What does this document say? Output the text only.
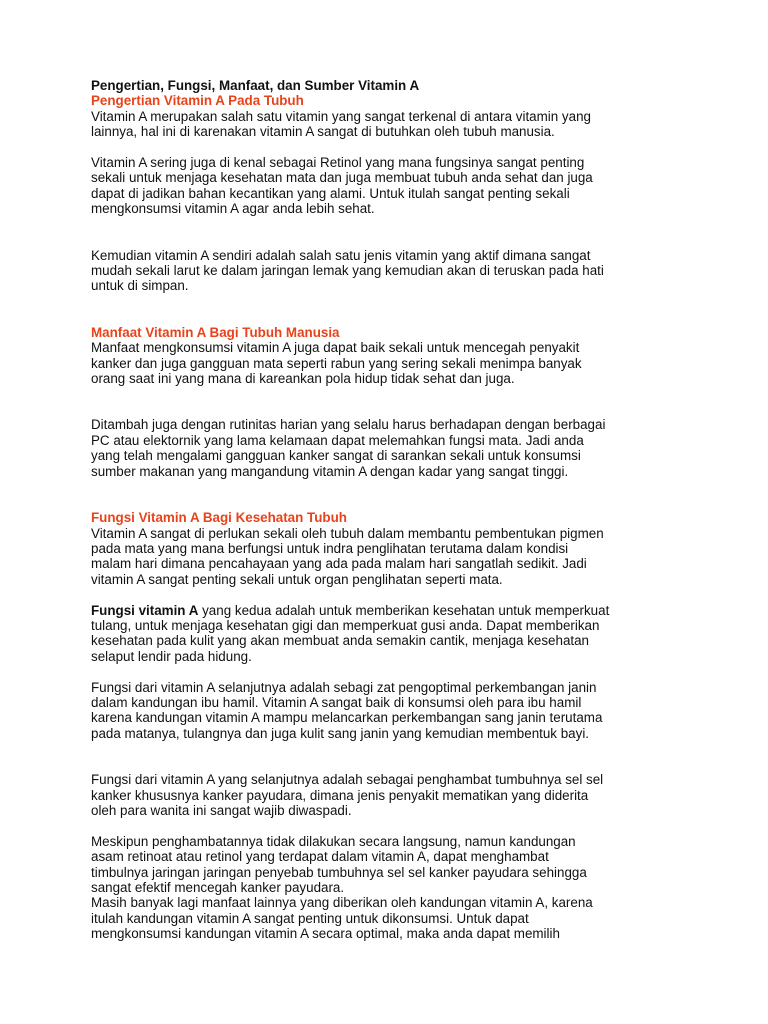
Pengertian, Fungsi, Manfaat, dan Sumber Vitamin A
Pengertian Vitamin A Pada Tubuh
Vitamin A merupakan salah satu vitamin yang sangat terkenal di antara vitamin yang
lainnya, hal ini di karenakan vitamin A sangat di butuhkan oleh tubuh manusia.
Vitamin A sering juga di kenal sebagai Retinol yang mana fungsinya sangat penting
sekali untuk menjaga kesehatan mata dan juga membuat tubuh anda sehat dan juga
dapat di jadikan bahan kecantikan yang alami. Untuk itulah sangat penting sekali
mengkonsumsi vitamin A agar anda lebih sehat.
Kemudian vitamin A sendiri adalah salah satu jenis vitamin yang aktif dimana sangat
mudah sekali larut ke dalam jaringan lemak yang kemudian akan di teruskan pada hati
untuk di simpan.
Manfaat Vitamin A Bagi Tubuh Manusia
Manfaat mengkonsumsi vitamin A juga dapat baik sekali untuk mencegah penyakit
kanker dan juga gangguan mata seperti rabun yang sering sekali menimpa banyak
orang saat ini yang mana di kareankan pola hidup tidak sehat dan juga.
Ditambah juga dengan rutinitas harian yang selalu harus berhadapan dengan berbagai
PC atau elektornik yang lama kelamaan dapat melemahkan fungsi mata. Jadi anda
yang telah mengalami gangguan kanker sangat di sarankan sekali untuk konsumsi
sumber makanan yang mangandung vitamin A dengan kadar yang sangat tinggi.
Fungsi Vitamin A Bagi Kesehatan Tubuh
Vitamin A sangat di perlukan sekali oleh tubuh dalam membantu pembentukan pigmen
pada mata yang mana berfungsi untuk indra penglihatan terutama dalam kondisi
malam hari dimana pencahayaan yang ada pada malam hari sangatlah sedikit. Jadi
vitamin A sangat penting sekali untuk organ penglihatan seperti mata.
Fungsi vitamin A yang kedua adalah untuk memberikan kesehatan untuk memperkuat
tulang, untuk menjaga kesehatan gigi dan memperkuat gusi anda. Dapat memberikan
kesehatan pada kulit yang akan membuat anda semakin cantik, menjaga kesehatan
selaput lendir pada hidung.
Fungsi dari vitamin A selanjutnya adalah sebagi zat pengoptimal perkembangan janin
dalam kandungan ibu hamil. Vitamin A sangat baik di konsumsi oleh para ibu hamil
karena kandungan vitamin A mampu melancarkan perkembangan sang janin terutama
pada matanya, tulangnya dan juga kulit sang janin yang kemudian membentuk bayi.
Fungsi dari vitamin A yang selanjutnya adalah sebagai penghambat tumbuhnya sel sel
kanker khususnya kanker payudara, dimana jenis penyakit mematikan yang diderita
oleh para wanita ini sangat wajib diwaspadi.
Meskipun penghambatannya tidak dilakukan secara langsung, namun kandungan
asam retinoat atau retinol yang terdapat dalam vitamin A, dapat menghambat
timbulnya jaringan jaringan penyebab tumbuhnya sel sel kanker payudara sehingga
sangat efektif mencegah kanker payudara.
Masih banyak lagi manfaat lainnya yang diberikan oleh kandungan vitamin A, karena
itulah kandungan vitamin A sangat penting untuk dikonsumsi. Untuk dapat
mengkonsumsi kandungan vitamin A secara optimal, maka anda dapat memilih
